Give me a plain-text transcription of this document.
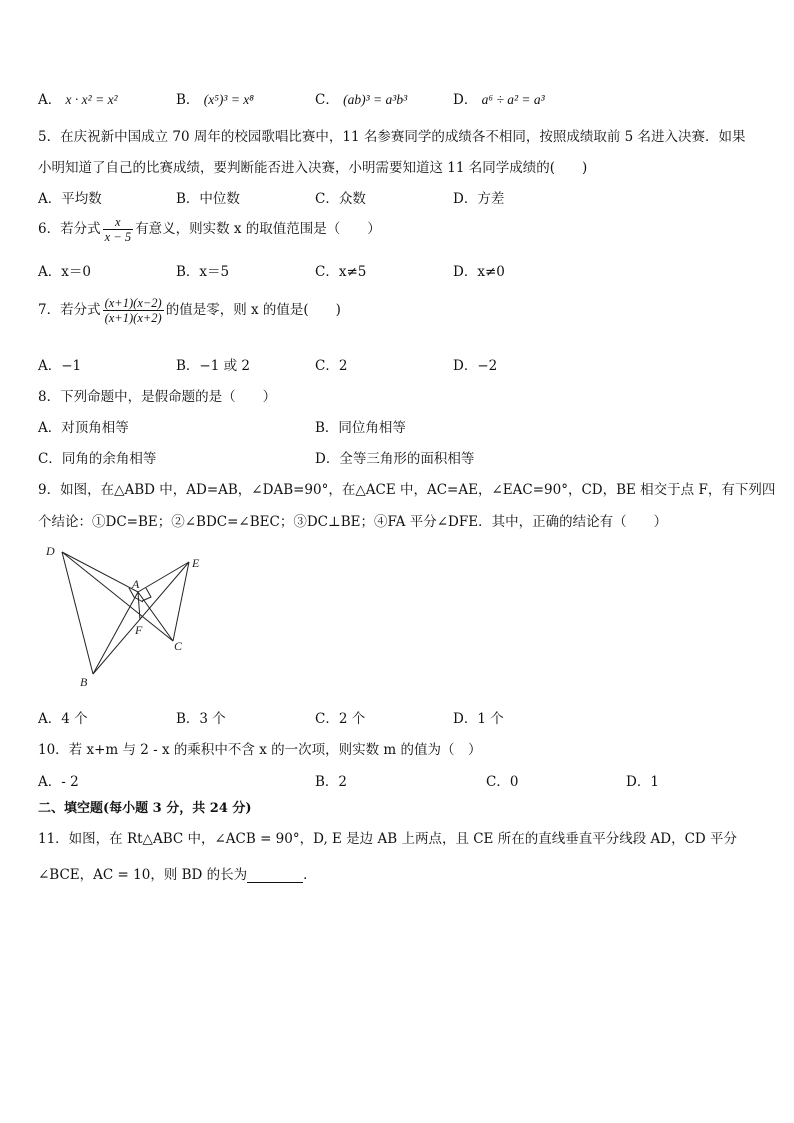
A． x · x² = x²	B． (x⁵)³ = x⁸	C． (ab)³ = a³b³	D． a⁶ ÷ a² = a³
5．在庆祝新中国成立 70 周年的校园歌唱比赛中，11 名参赛同学的成绩各不相同，按照成绩取前 5 名进入决赛．如果
小明知道了自己的比赛成绩，要判断能否进入决赛，小明需要知道这 11 名同学成绩的(　　)
A．平均数	B．中位数	C．众数	D．方差
6．若分式 $\frac{x}{x - 5}$ 有意义，则实数 x 的取值范围是（　　）
A．x＝0	B．x＝5	C．x≠5	D．x≠0
7．若分式 $\frac{(x+1)(x-2)}{(x+1)(x+2)}$ 的值是零，则 x 的值是(　　)
A．−1	B．−1 或 2	C．2	D．−2
8．下列命题中，是假命题的是（　　）
A．对顶角相等	B．同位角相等
C．同角的余角相等	D．全等三角形的面积相等
9．如图，在△ABD 中，AD=AB，∠DAB=90°，在△ACE 中，AC=AE，∠EAC=90°，CD，BE 相交于点 F，有下列四
个结论：①DC=BE；②∠BDC=∠BEC；③DC⊥BE；④FA 平分∠DFE．其中，正确的结论有（　　）
D
A
E
F
C
B
A．4 个	B．3 个	C．2 个	D．1 个
10．若 x+m 与 2 - x 的乘积中不含 x 的一次项，则实数 m 的值为（　）
A．- 2	B．2	C．0	D．1
二、填空题(每小题 3 分，共 24 分)
11．如图，在 Rt△ABC 中，∠ACB = 90°，D, E 是边 AB 上两点，且 CE 所在的直线垂直平分线段 AD，CD 平分
∠BCE，AC = 10，则 BD 的长为	．
